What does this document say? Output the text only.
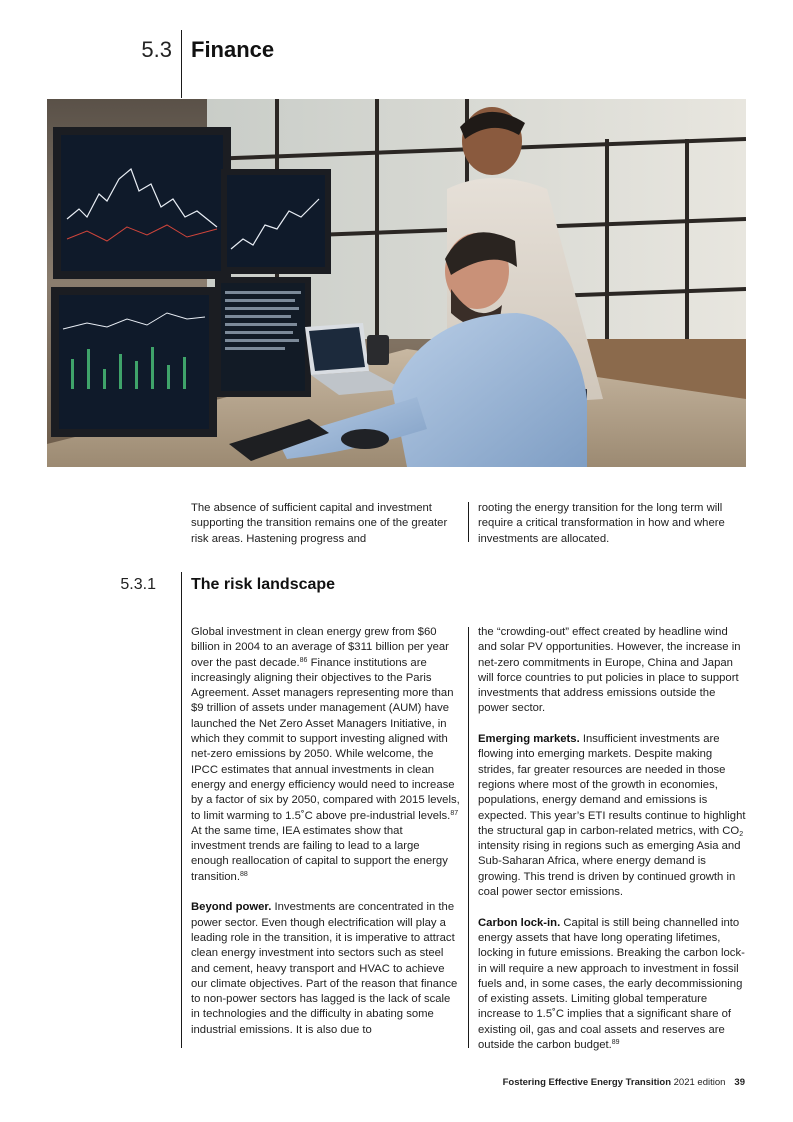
5.3 Finance

The absence of sufficient capital and investment supporting the transition remains one of the greater risk areas. Hastening progress and

rooting the energy transition for the long term will require a critical transformation in how and where investments are allocated.

5.3.1 The risk landscape

Global investment in clean energy grew from $60 billion in 2004 to an average of $311 billion per year over the past decade.$^{86}$ Finance institutions are increasingly aligning their objectives to the Paris Agreement. Asset managers representing more than $9 trillion of assets under management (AUM) have launched the Net Zero Asset Managers Initiative, in which they commit to support investing aligned with net-zero emissions by 2050. While welcome, the IPCC estimates that annual investments in clean energy and energy efficiency would need to increase by a factor of six by 2050, compared with 2015 levels, to limit warming to 1.5˚C above pre-industrial levels.$^{87}$ At the same time, IEA estimates show that investment trends are failing to lead to a large enough reallocation of capital to support the energy transition.$^{88}$

Beyond power. Investments are concentrated in the power sector. Even though electrification will play a leading role in the transition, it is imperative to attract clean energy investment into sectors such as steel and cement, heavy transport and HVAC to achieve our climate objectives. Part of the reason that finance to non-power sectors has lagged is the lack of scale in technologies and the difficulty in abating some industrial emissions. It is also due to

the “crowding-out” effect created by headline wind and solar PV opportunities. However, the increase in net-zero commitments in Europe, China and Japan will force countries to put policies in place to support investments that address emissions outside the power sector.

Emerging markets. Insufficient investments are flowing into emerging markets. Despite making strides, far greater resources are needed in those regions where most of the growth in economies, populations, energy demand and emissions is expected. This year’s ETI results continue to highlight the structural gap in carbon-related metrics, with $CO_2$ intensity rising in regions such as emerging Asia and Sub-Saharan Africa, where energy demand is growing. This trend is driven by continued growth in coal power sector emissions.

Carbon lock-in. Capital is still being channelled into energy assets that have long operating lifetimes, locking in future emissions. Breaking the carbon lock-in will require a new approach to investment in fossil fuels and, in some cases, the early decommissioning of existing assets. Limiting global temperature increase to 1.5˚C implies that a significant share of existing oil, gas and coal assets and reserves are outside the carbon budget.$^{89}$

Fostering Effective Energy Transition 2021 edition 39
